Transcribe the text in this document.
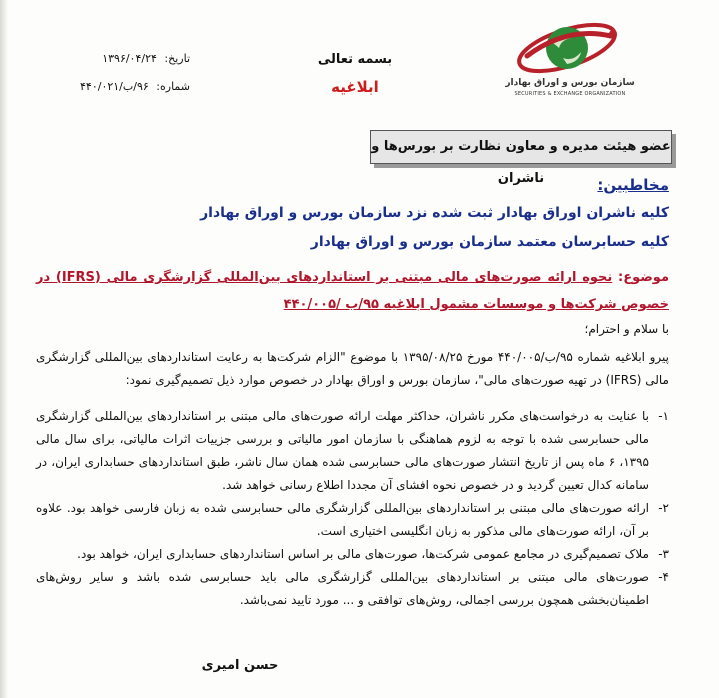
سازمان بورس و اوراق بهادار
SECURITIES & EXCHANGE ORGANIZATION
بسمه تعالی
ابلاغیه
تاریخ: ۱۳۹۶/۰۴/۲۴
شماره: ۹۶/ب/۴۴۰/۰۲۱
عضو هیئت مدیره و معاون نظارت بر بورس‌ها و ناشران	مخاطبین:
کلیه ناشران اوراق بهادار ثبت شده نزد سازمان بورس و اوراق بهادار
کلیه حسابرسان معتمد سازمان بورس و اوراق بهادار
موضوع: نحوه ارائه صورت‌های مالی مبتنی بر استانداردهای بین‌المللی گزارشگری مالی (IFRS) در خصوص شرکت‌ها و موسسات مشمول ابلاغیه ۹۵/ب /۴۴۰/۰۰۵
با سلام و احترام؛
پیرو ابلاغیه شماره ۹۵/ب/۴۴۰/۰۰۵ مورخ ۱۳۹۵/۰۸/۲۵ با موضوع "الزام شرکت‌ها به رعایت استانداردهای بین‌المللی گزارشگری مالی (IFRS) در تهیه صورت‌های مالی"، سازمان بورس و اوراق بهادار در خصوص موارد ذیل تصمیم‌گیری نمود:
۱-
با عنایت به درخواست‌های مکرر ناشران، حداکثر مهلت ارائه صورت‌های مالی مبتنی بر استانداردهای بین‌المللی گزارشگری مالی حسابرسی شده با توجه به لزوم هماهنگی با سازمان امور مالیاتی و بررسی جزییات اثرات مالیاتی، برای سال مالی ۱۳۹۵، ۶ ماه پس از تاریخ انتشار صورت‌های مالی حسابرسی شده همان سال ناشر، طبق استانداردهای حسابداری ایران، در سامانه کدال تعیین گردید و در خصوص نحوه افشای آن مجددا اطلاع رسانی خواهد شد.
۲-
ارائه صورت‌های مالی مبتنی بر استانداردهای بین‌المللی گزارشگری مالی حسابرسی شده به زبان فارسی خواهد بود. علاوه بر آن، ارائه صورت‌های مالی مذکور به زبان انگلیسی اختیاری است.
۳-
ملاک تصمیم‌گیری در مجامع عمومی شرکت‌ها، صورت‌های مالی بر اساس استانداردهای حسابداری ایران، خواهد بود.
۴-
صورت‌های مالی مبتنی بر استانداردهای بین‌المللی گزارشگری مالی باید حسابرسی شده باشد و سایر روش‌های اطمینان‌بخشی همچون بررسی اجمالی، روش‌های توافقی و ... مورد تایید نمی‌باشد.
حسن امیری
